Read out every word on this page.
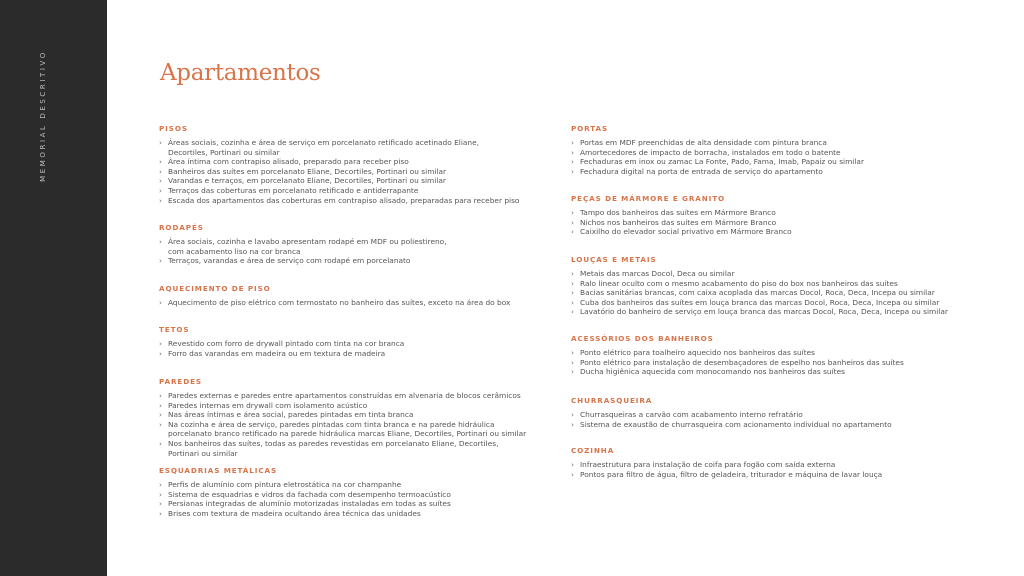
MEMORIAL DESCRITIVO	Apartamentos
PISOS
› Áreas sociais, cozinha e área de serviço em porcelanato retificado acetinado Eliane,
Decortiles, Portinari ou similar
› Área íntima com contrapiso alisado, preparado para receber piso
› Banheiros das suítes em porcelanato Eliane, Decortiles, Portinari ou similar
› Varandas e terraços, em porcelanato Eliane, Decortiles, Portinari ou similar
› Terraços das coberturas em porcelanato retificado e antiderrapante
› Escada dos apartamentos das coberturas em contrapiso alisado, preparadas para receber piso
RODAPÉS
› Área sociais, cozinha e lavabo apresentam rodapé em MDF ou poliestireno,
com acabamento liso na cor branca
› Terraços, varandas e área de serviço com rodapé em porcelanato
AQUECIMENTO DE PISO
› Aquecimento de piso elétrico com termostato no banheiro das suítes, exceto na área do box
TETOS
› Revestido com forro de drywall pintado com tinta na cor branca
› Forro das varandas em madeira ou em textura de madeira
PAREDES
› Paredes externas e paredes entre apartamentos construídas em alvenaria de blocos cerâmicos
› Paredes internas em drywall com isolamento acústico
› Nas áreas íntimas e área social, paredes pintadas em tinta branca
› Na cozinha e área de serviço, paredes pintadas com tinta branca e na parede hidráulica
porcelanato branco retificado na parede hidráulica marcas Eliane, Decortiles, Portinari ou similar
› Nos banheiros das suítes, todas as paredes revestidas em porcelanato Eliane, Decortiles,
Portinari ou similar
ESQUADRIAS METÁLICAS
› Perfis de alumínio com pintura eletrostática na cor champanhe
› Sistema de esquadrias e vidros da fachada com desempenho termoacústico
› Persianas integradas de alumínio motorizadas instaladas em todas as suítes
› Brises com textura de madeira ocultando área técnica das unidades
PORTAS
› Portas em MDF preenchidas de alta densidade com pintura branca
› Amortecedores de impacto de borracha, instalados em todo o batente
› Fechaduras em inox ou zamac La Fonte, Pado, Fama, Imab, Papaiz ou similar
› Fechadura digital na porta de entrada de serviço do apartamento
PEÇAS DE MÁRMORE E GRANITO
› Tampo dos banheiros das suítes em Mármore Branco
› Nichos nos banheiros das suítes em Mármore Branco
› Caixilho do elevador social privativo em Mármore Branco
LOUÇAS E METAIS
› Metais das marcas Docol, Deca ou similar
› Ralo linear oculto com o mesmo acabamento do piso do box nos banheiros das suítes
› Bacias sanitárias brancas, com caixa acoplada das marcas Docol, Roca, Deca, Incepa ou similar
› Cuba dos banheiros das suítes em louça branca das marcas Docol, Roca, Deca, Incepa ou similar
› Lavatório do banheiro de serviço em louça branca das marcas Docol, Roca, Deca, Incepa ou similar
ACESSÓRIOS DOS BANHEIROS
› Ponto elétrico para toalheiro aquecido nos banheiros das suítes
› Ponto elétrico para instalação de desembaçadores de espelho nos banheiros das suítes
› Ducha higiênica aquecida com monocomando nos banheiros das suítes
CHURRASQUEIRA
› Churrasqueiras a carvão com acabamento interno refratário
› Sistema de exaustão de churrasqueira com acionamento individual no apartamento
COZINHA
› Infraestrutura para instalação de coifa para fogão com saída externa
› Pontos para filtro de água, filtro de geladeira, triturador e máquina de lavar louça
